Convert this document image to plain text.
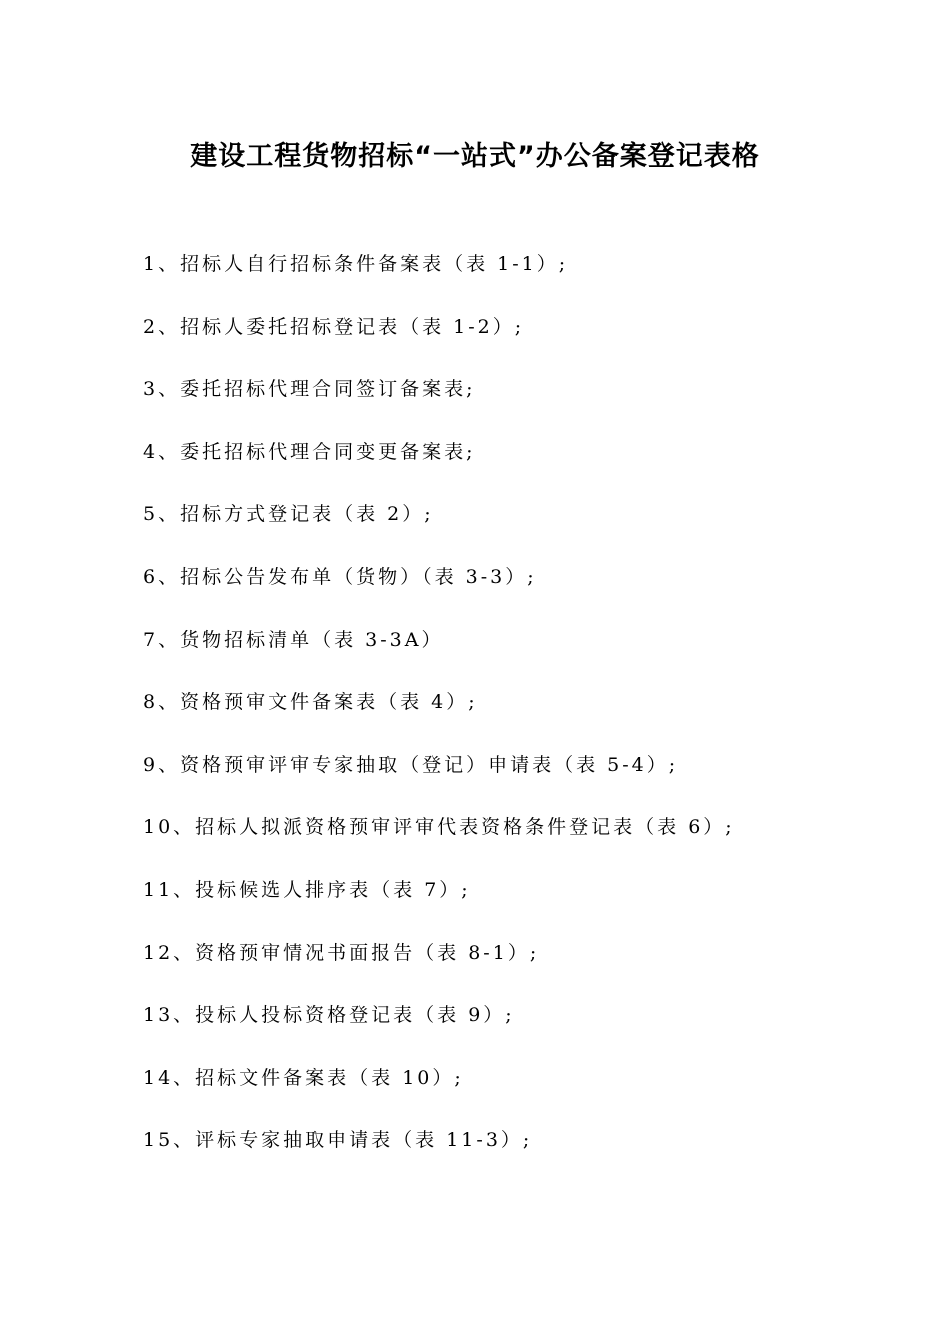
建设工程货物招标“一站式”办公备案登记表格
1、招标人自行招标条件备案表（表 1-1）;
2、招标人委托招标登记表（表 1-2）;
3、委托招标代理合同签订备案表;
4、委托招标代理合同变更备案表;
5、招标方式登记表（表 2）;
6、招标公告发布单（货物）（表 3-3）;
7、货物招标清单（表 3-3A）
8、资格预审文件备案表（表 4）;
9、资格预审评审专家抽取（登记）申请表（表 5-4）;
10、招标人拟派资格预审评审代表资格条件登记表（表 6）;
11、投标候选人排序表（表 7）;
12、资格预审情况书面报告（表 8-1）;
13、投标人投标资格登记表（表 9）;
14、招标文件备案表（表 10）;
15、评标专家抽取申请表（表 11-3）;
